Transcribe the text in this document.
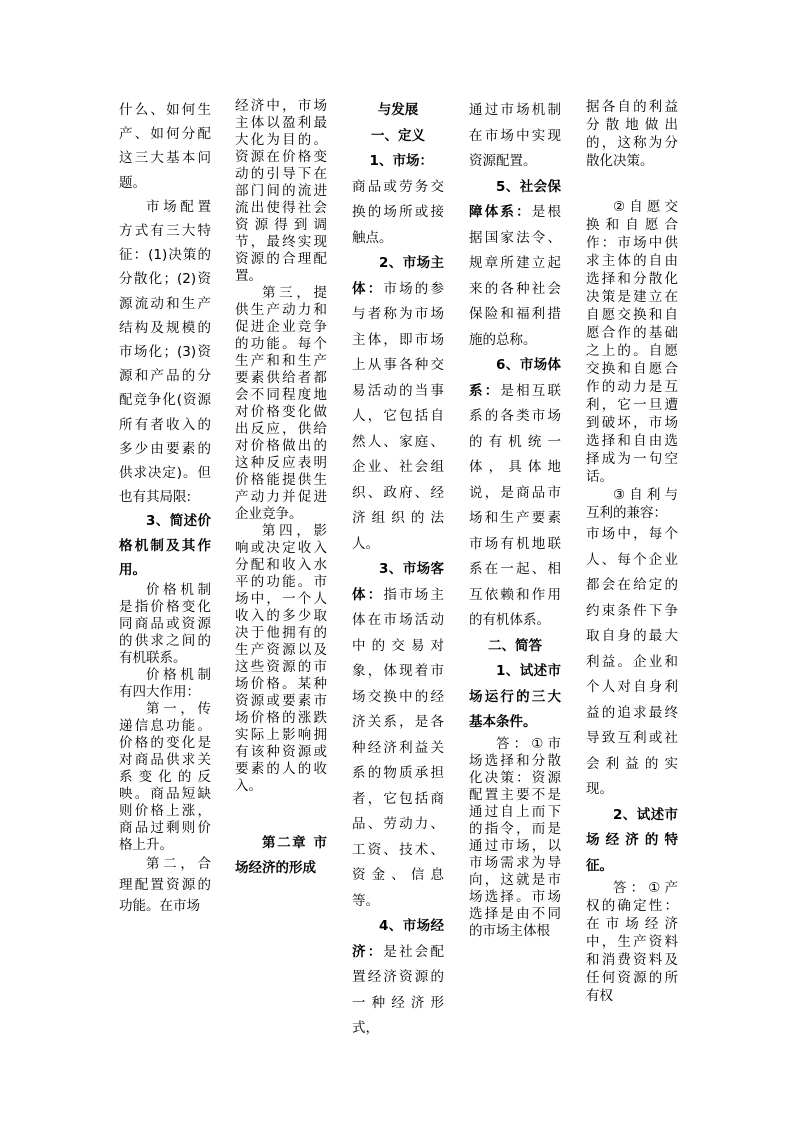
什么、如何生产、如何分配这三大基本问题。

市场配置方式有三大特征：(1)决策的分散化；(2)资源流动和生产结构及规模的市场化；(3)资源和产品的分配竞争化(资源所有者收入的多少由要素的供求决定)。但也有其局限:

3、简述价格机制及其作用。

价格机制是指价格变化同商品或资源的供求之间的有机联系。

价格机制有四大作用：

第一，传递信息功能。价格的变化是对商品供求关系变化的反映。商品短缺则价格上涨，商品过剩则价格上升。

第二，合理配置资源的功能。在市场

经济中，市场主体以盈利最大化为目的。资源在价格变动的引导下在部门间的流进流出使得社会资源得到调节，最终实现资源的合理配置。

第三，提供生产动力和促进企业竞争的功能。每个生产和和生产要素供给者都会不同程度地对价格变化做出反应，供给对价格做出的这种反应表明价格能提供生产动力并促进企业竞争。

第四，影响或决定收入分配和收入水平的功能。市场中，一个人收入的多少取决于他拥有的生产资源以及这些资源的市场价格。某种资源或要素市场价格的涨跌实际上影响拥有该种资源或要素的人的收入。

第二章 市场经济的形成

与发展

一、定义

1、市场：

商品或劳务交换的场所或接触点。

2、市场主体：市场的参与者称为市场主体，即市场上从事各种交易活动的当事人，它包括自然人、家庭、企业、社会组织、政府、经济组织的法人。

3、市场客体：指市场主体在市场活动中的交易对象，体现着市场交换中的经济关系，是各种经济利益关系的物质承担者，它包括商品、劳动力、工资、技术、资金、信息等。

4、市场经济：是社会配置经济资源的一种经济形式，

通过市场机制在市场中实现资源配置。

5、社会保障体系：是根据国家法令、规章所建立起来的各种社会保险和福利措施的总称。

6、市场体系：是相互联系的各类市场的有机统一体，具体地说，是商品市场和生产要素市场有机地联系在一起、相互依赖和作用的有机体系。

二、简答

1、试述市场运行的三大基本条件。

答：①市场选择和分散化决策：资源配置主要不是通过自上而下的指令，而是通过市场，以市场需求为导向，这就是市场选择。市场选择是由不同的市场主体根

据各自的利益分散地做出的，这称为分散化决策。

②自愿交换和自愿合作：市场中供求主体的自由选择和分散化决策是建立在自愿交换和自愿合作的基础之上的。自愿交换和自愿合作的动力是互利，它一旦遭到破坏，市场选择和自由选择成为一句空话。

③自利与互利的兼容：

市场中，每个人、每个企业都会在给定的约束条件下争取自身的最大利益。企业和个人对自身利益的追求最终导致互利或社会利益的实现。

2、试述市场经济的特征。

答：①产权的确定性：在市场经济中，生产资料和消费资料及任何资源的所有权
